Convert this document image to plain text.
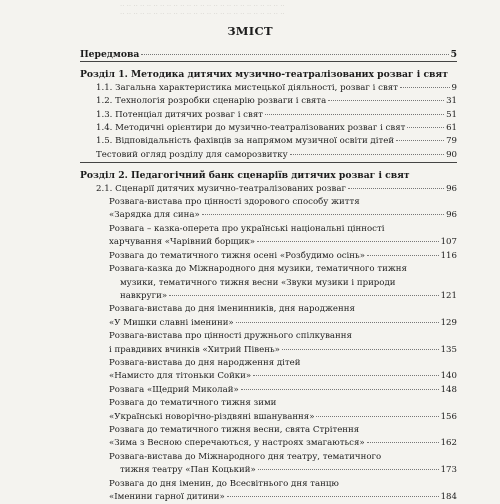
·· ·· ·· ·· ·· ·· ·· ·· ·· ·· ·· ·· ·· ·· ·· ·· ·· ·· ·· ·· ·· ·· ·· ·· ··
·· ·· ·· ·· ·· ·· ·· ·· ·· ·· ·· ·· ·· ·· ·· ·· ·· ·· ·· ·· ·· ·· ·· ·· ··
ЗМІСТ
Передмова	5
Розділ 1. Методика дитячих музично-театралізованих розваг і свят
1.1. Загальна характеристика мистецької діяльності, розваг і свят	9
1.2. Технологія розробки сценарію розваги і свята	31
1.3. Потенціал дитячих розваг і свят	51
1.4. Методичні орієнтири до музично-театралізованих розваг і свят	61
1.5. Відповідальність фахівців за напрямом музичної освіти дітей	79
Тестовий огляд розділу для саморозвитку	90
Розділ 2. Педагогічний банк сценаріїв дитячих розваг і свят
2.1. Сценарії дитячих музично-театралізованих розваг	96
Розвага-вистава про цінності здорового способу життя
«Зарядка для сина»	96
Розвага – казка-оперета про українські національні цінності
харчування «Чарівний борщик»	107
Розвага до тематичного тижня осені «Розбудимо осінь»	116
Розвага-казка до Міжнародного дня музики, тематичного тижня
музики, тематичного тижня весни «Звуки музики і природи
навкруги»	121
Розвага-вистава до дня іменинників, дня народження
«У Мишки славні іменини»	129
Розвага-вистава про цінності дружнього спілкування
і правдивих вчинків «Хитрий Півень»	135
Розвага-вистава до дня народження дітей
«Намисто для тітоньки Сойки»	140
Розвага «Щедрий Миколай»	148
Розвага до тематичного тижня зими
«Українські новорічно-різдвяні вшанування»	156
Розвага до тематичного тижня весни, свята Стрітення
«Зима з Весною сперечаються, у настроях змагаються»	162
Розвага-вистава до Міжнародного дня театру, тематичного
тижня театру «Пан Коцький»	173
Розвага до дня іменин, до Всесвітнього дня танцю
«Іменини гарної дитини»	184
